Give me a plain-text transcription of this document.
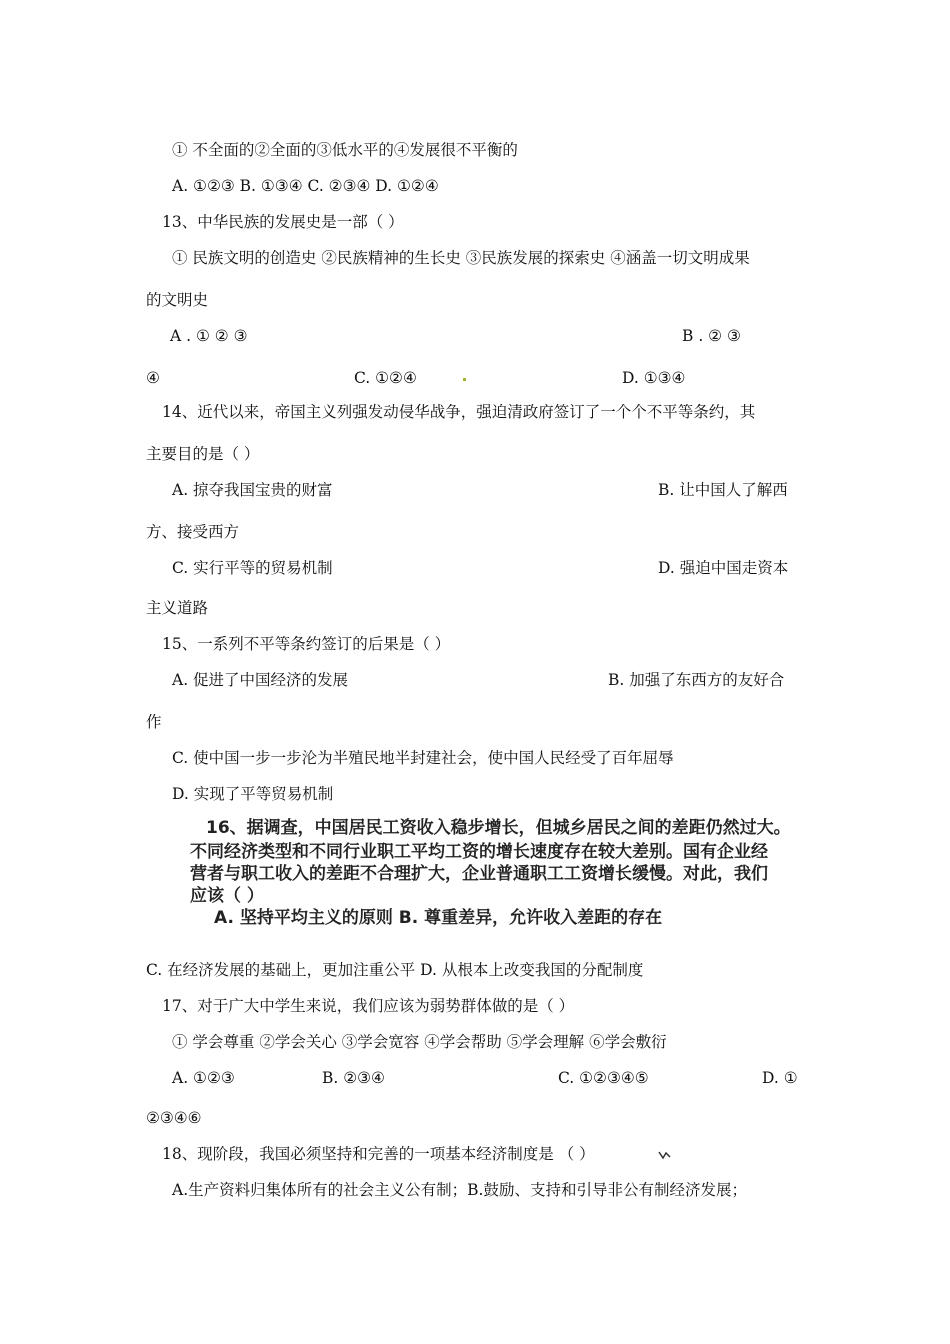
① 不全面的②全面的③低水平的④发展很不平衡的
A. ①②③ B. ①③④ C. ②③④ D. ①②④
13、中华民族的发展史是一部（ ）
① 民族文明的创造史 ②民族精神的生长史 ③民族发展的探索史 ④涵盖一切文明成果
的文明史
A . ① ② ③	B . ② ③
④	C. ①②④	D. ①③④
14、近代以来，帝国主义列强发动侵华战争，强迫清政府签订了一个个不平等条约，其
主要目的是（ ）
A. 掠夺我国宝贵的财富	B. 让中国人了解西
方、接受西方
C. 实行平等的贸易机制	D. 强迫中国走资本
主义道路
15、一系列不平等条约签订的后果是（ ）
A. 促进了中国经济的发展	B. 加强了东西方的友好合
作
C. 使中国一步一步沦为半殖民地半封建社会，使中国人民经受了百年屈辱
D. 实现了平等贸易机制
16、据调查，中国居民工资收入稳步增长，但城乡居民之间的差距仍然过大。
不同经济类型和不同行业职工平均工资的增长速度存在较大差别。国有企业经
营者与职工收入的差距不合理扩大，企业普通职工工资增长缓慢。对此，我们
应该（ ）
A. 坚持平均主义的原则 B. 尊重差异，允许收入差距的存在
C. 在经济发展的基础上，更加注重公平 D. 从根本上改变我国的分配制度
17、对于广大中学生来说，我们应该为弱势群体做的是（ ）
① 学会尊重 ②学会关心 ③学会宽容 ④学会帮助 ⑤学会理解 ⑥学会敷衍
A. ①②③	B. ②③④	C. ①②③④⑤	D. ①
②③④⑥
18、现阶段，我国必须坚持和完善的一项基本经济制度是 （ ）
A.生产资料归集体所有的社会主义公有制；B.鼓励、支持和引导非公有制经济发展；
